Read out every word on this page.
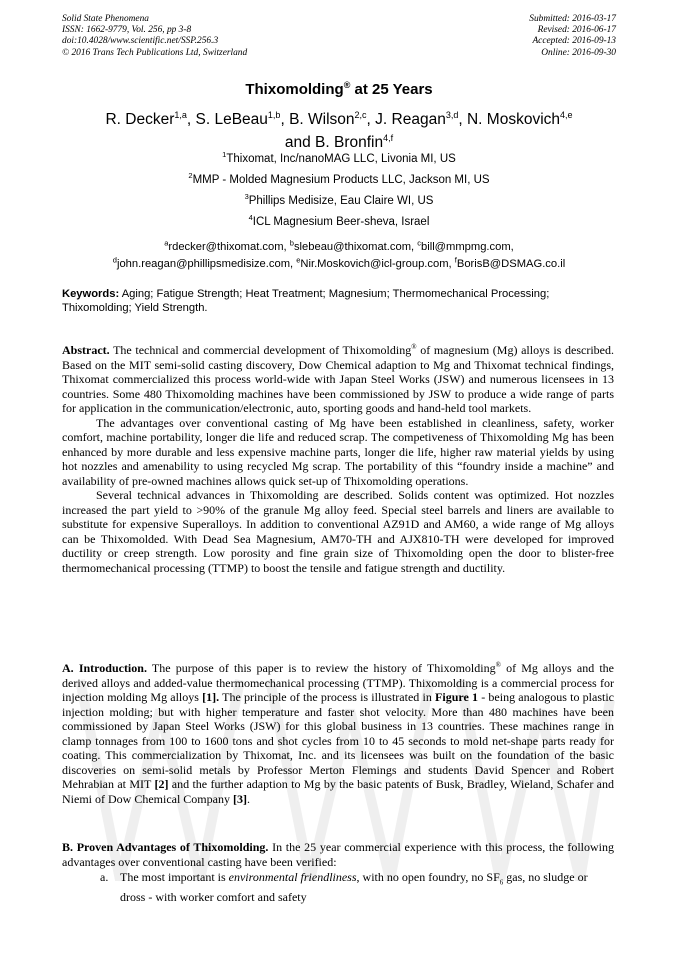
Solid State Phenomena
ISSN: 1662-9779, Vol. 256, pp 3-8
doi:10.4028/www.scientific.net/SSP.256.3
© 2016 Trans Tech Publications Ltd, Switzerland
Submitted: 2016-03-17
Revised: 2016-06-17
Accepted: 2016-09-13
Online: 2016-09-30
Thixomolding® at 25 Years
R. Decker$^{1,a}$, S. LeBeau$^{1,b}$, B. Wilson$^{2,c}$, J. Reagan$^{3,d}$, N. Moskovich$^{4,e}$
and B. Bronfin$^{4,f}$
$^1$Thixomat, Inc/nanoMAG LLC, Livonia MI, US
$^2$MMP - Molded Magnesium Products LLC, Jackson MI, US
$^3$Phillips Medisize, Eau Claire WI, US
$^4$ICL Magnesium Beer-sheva, Israel
$^a$rdecker@thixomat.com, $^b$slebeau@thixomat.com, $^c$bill@mmpmg.com,
$^d$john.reagan@phillipsmedisize.com, $^e$Nir.Moskovich@icl-group.com, $^f$BorisB@DSMAG.co.il
Keywords: Aging; Fatigue Strength; Heat Treatment; Magnesium; Thermomechanical Processing; Thixomolding; Yield Strength.

Abstract. The technical and commercial development of Thixomolding® of magnesium (Mg) alloys is described. Based on the MIT semi-solid casting discovery, Dow Chemical adaption to Mg and Thixomat technical findings, Thixomat commercialized this process world-wide with Japan Steel Works (JSW) and numerous licensees in 13 countries. Some 480 Thixomolding machines have been commissioned by JSW to produce a wide range of parts for application in the communication/electronic, auto, sporting goods and hand-held tool markets.

The advantages over conventional casting of Mg have been established in cleanliness, safety, worker comfort, machine portability, longer die life and reduced scrap. The competiveness of Thixomolding Mg has been enhanced by more durable and less expensive machine parts, longer die life, higher raw material yields by using hot nozzles and amenability to using recycled Mg scrap. The portability of this “foundry inside a machine” and availability of pre-owned machines allows quick set-up of Thixomolding operations.

Several technical advances in Thixomolding are described. Solids content was optimized. Hot nozzles increased the part yield to >90% of the granule Mg alloy feed. Special steel barrels and liners are available to substitute for expensive Superalloys. In addition to conventional AZ91D and AM60, a wide range of Mg alloys can be Thixomolded. With Dead Sea Magnesium, AM70-TH and AJX810-TH were developed for improved ductility or creep strength. Low porosity and fine grain size of Thixomolding open the door to blister-free thermomechanical processing (TTMP) to boost the tensile and fatigue strength and ductility.

A. Introduction. The purpose of this paper is to review the history of Thixomolding® of Mg alloys and the derived alloys and added-value thermomechanical processing (TTMP). Thixomolding is a commercial process for injection molding Mg alloys [1]. The principle of the process is illustrated in Figure 1 - being analogous to plastic injection molding; but with higher temperature and faster shot velocity. More than 480 machines have been commissioned by Japan Steel Works (JSW) for this global business in 13 countries. These machines range in clamp tonnages from 100 to 1600 tons and shot cycles from 10 to 45 seconds to mold net-shape parts ready for coating. This commercialization by Thixomat, Inc. and its licensees was built on the foundation of the basic discoveries on semi-solid metals by Professor Merton Flemings and students David Spencer and Robert Mehrabian at MIT [2] and the further adaption to Mg by the basic patents of Busk, Bradley, Wieland, Schafer and Niemi of Dow Chemical Company [3].

B. Proven Advantages of Thixomolding. In the 25 year commercial experience with this process, the following advantages over conventional casting have been verified:

a. The most important is environmental friendliness, with no open foundry, no $SF_6$ gas, no sludge or dross - with worker comfort and safety
